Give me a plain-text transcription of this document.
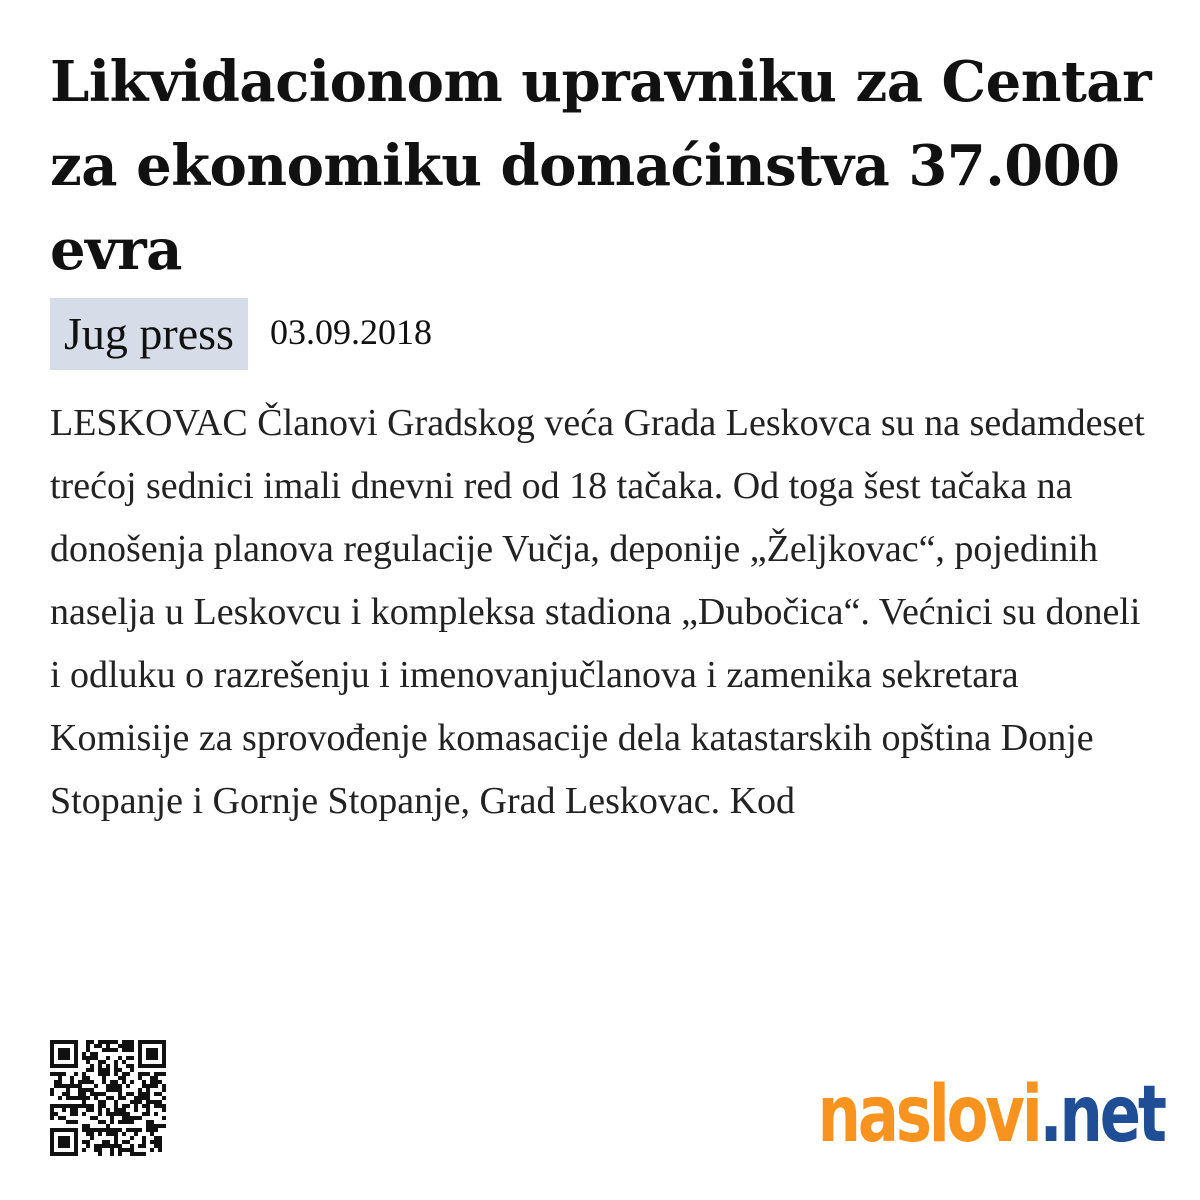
Likvidacionom upravniku za Centar za ekonomiku domaćinstva 37.000 evra
Jug press	03.09.2018
LESKOVAC Članovi Gradskog veća Grada Leskovca su na sedamdeset trećoj sednici imali dnevni red od 18 tačaka. Od toga šest tačaka na donošenja planova regulacije Vučja, deponije „Željkovac“, pojedinih naselja u Leskovcu i kompleksa stadiona „Dubočica“. Većnici su doneli i odluku o razrešenju i imenovanjučlanova i zamenika sekretara Komisije za sprovođenje komasacije dela katastarskih opština Donje Stopanje i Gornje Stopanje, Grad Leskovac. Kod
naslovi.net
